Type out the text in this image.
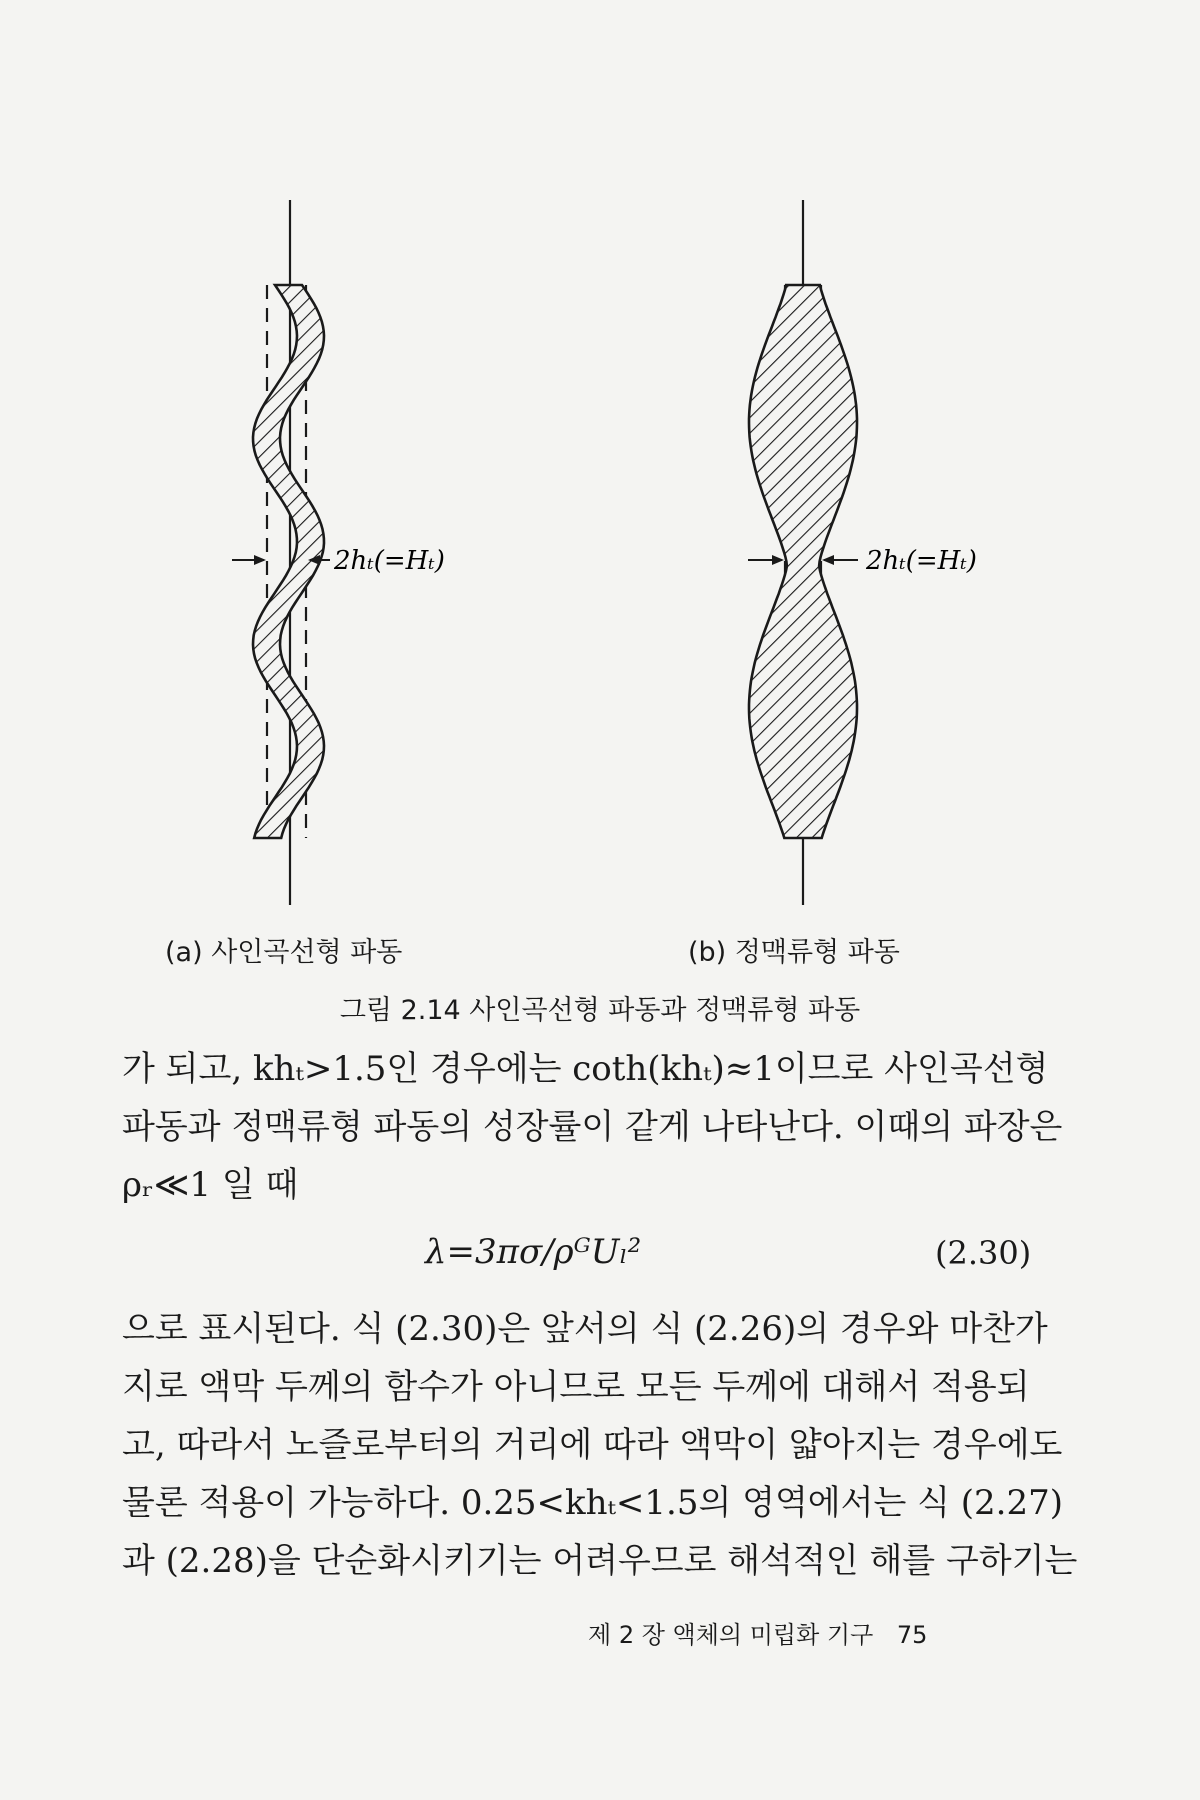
2hₜ(=Hₜ)	2hₜ(=Hₜ)
(a) 사인곡선형 파동	(b) 정맥류형 파동
그림 2.14 사인곡선형 파동과 정맥류형 파동
가 되고, khₜ>1.5인 경우에는 coth(khₜ)≈1이므로 사인곡선형
파동과 정맥류형 파동의 성장률이 같게 나타난다. 이때의 파장은
ρᵣ≪1 일 때
λ=3πσ/ρᴳUₗ²	(2.30)
으로 표시된다. 식 (2.30)은 앞서의 식 (2.26)의 경우와 마찬가
지로 액막 두께의 함수가 아니므로 모든 두께에 대해서 적용되
고, 따라서 노즐로부터의 거리에 따라 액막이 얇아지는 경우에도
물론 적용이 가능하다. 0.25<khₜ<1.5의 영역에서는 식 (2.27)
과 (2.28)을 단순화시키기는 어려우므로 해석적인 해를 구하기는
제 2 장 액체의 미립화 기구 75
